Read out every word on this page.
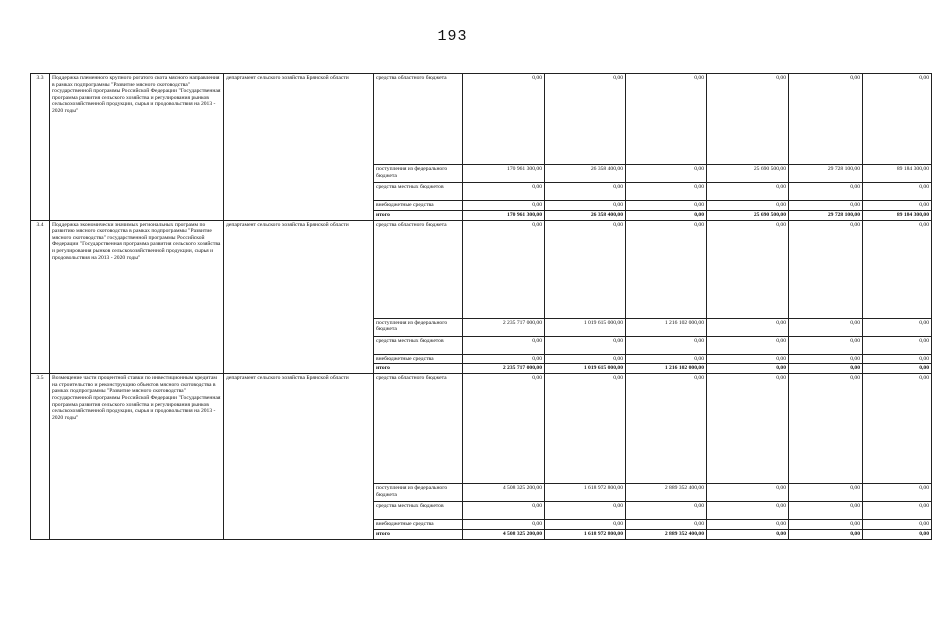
193
3.3	Поддержка племенного крупного рогатого скота мясного направления в рамках подпрограммы "Развитие мясного скотоводства" государственной программы Российской Федерации "Государственная программа развития сельского хозяйства и регулирования рынков сельскохозяйственной продукции, сырья и продовольствия на 2013 - 2020 годы"	департамент сельского хозяйства Брянской области	средства областного бюджета	0,00	0,00	0,00	0,00	0,00	0,00
			поступления из федерального бюджета	170 961 300,00	26 358 400,00	0,00	25 690 500,00	29 728 100,00	89 184 300,00
			средства местных бюджетов	0,00	0,00	0,00	0,00	0,00	0,00
			внебюджетные средства	0,00	0,00	0,00	0,00	0,00	0,00
			итого	170 961 300,00	26 358 400,00	0,00	25 690 500,00	29 728 100,00	89 184 300,00
3.4	Поддержка экономически значимых региональных программ по развитию мясного скотоводства в рамках подпрограммы "Развитие мясного скотоводства" государственной программы Российской Федерации "Государственная программа развития сельского хозяйства и регулирования рынков сельскохозяйственной продукции, сырья и продовольствия на 2013 - 2020 годы"	департамент сельского хозяйства Брянской области	средства областного бюджета	0,00	0,00	0,00	0,00	0,00	0,00
			поступления из федерального бюджета	2 235 717 000,00	1 019 615 000,00	1 216 102 000,00	0,00	0,00	0,00
			средства местных бюджетов	0,00	0,00	0,00	0,00	0,00	0,00
			внебюджетные средства	0,00	0,00	0,00	0,00	0,00	0,00
			итого	2 235 717 000,00	1 019 615 000,00	1 216 102 000,00	0,00	0,00	0,00
3.5	Возмещение части процентной ставки по инвестиционным кредитам на строительство и реконструкцию объектов мясного скотоводства в рамках подпрограммы "Развитие мясного скотоводства" государственной программы Российской Федерации "Государственная программа развития сельского хозяйства и регулирования рынков сельскохозяйственной продукции, сырья и продовольствия на 2013 - 2020 годы"	департамент сельского хозяйства Брянской области	средства областного бюджета	0,00	0,00	0,00	0,00	0,00	0,00
			поступления из федерального бюджета	4 508 325 200,00	1 618 972 800,00	2 889 352 400,00	0,00	0,00	0,00
			средства местных бюджетов	0,00	0,00	0,00	0,00	0,00	0,00
			внебюджетные средства	0,00	0,00	0,00	0,00	0,00	0,00
			итого	4 508 325 200,00	1 618 972 800,00	2 889 352 400,00	0,00	0,00	0,00
